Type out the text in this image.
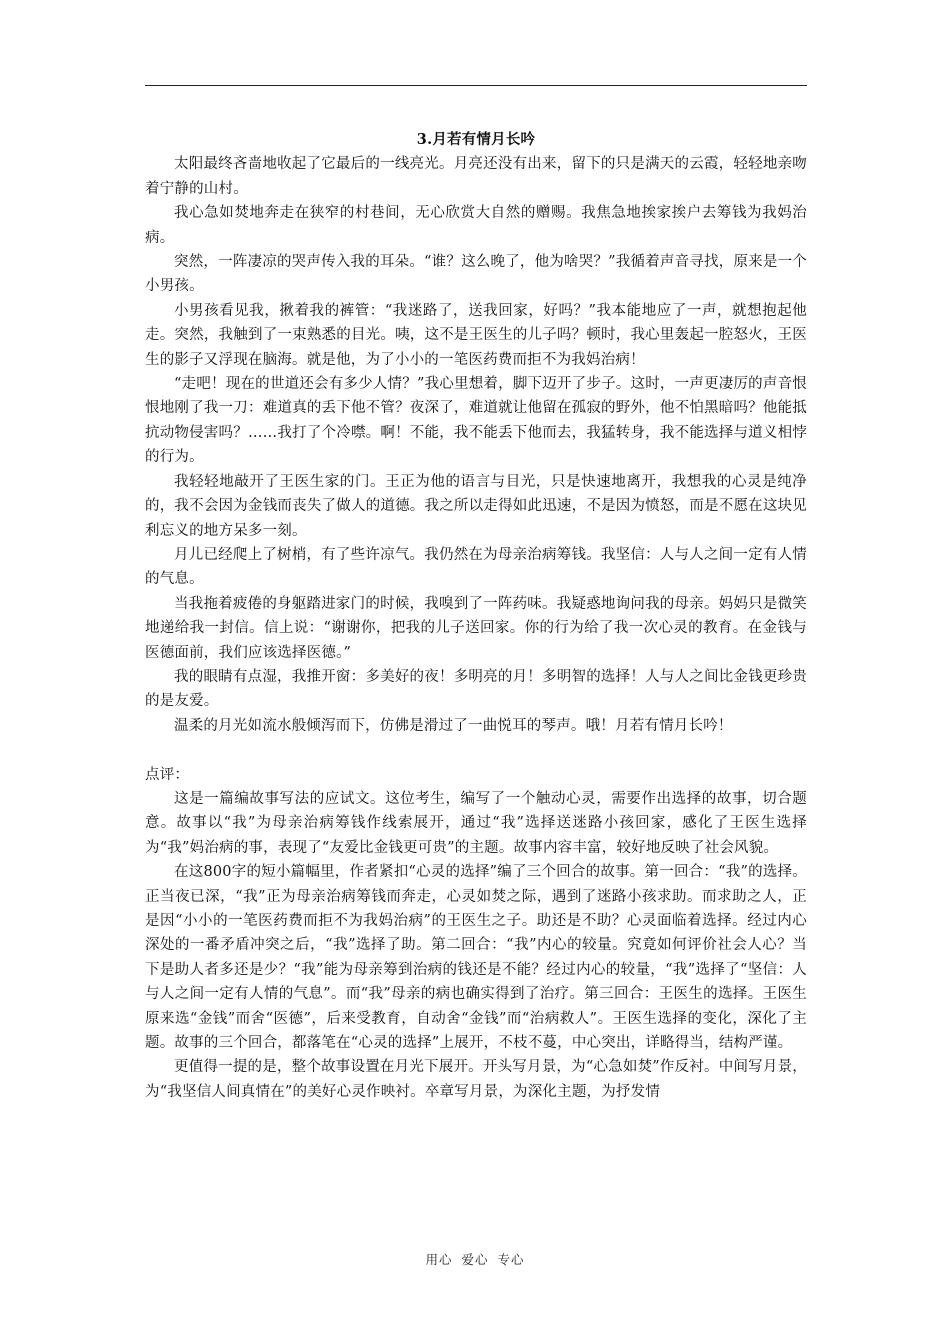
3.月若有情月长吟

太阳最终吝啬地收起了它最后的一线亮光。月亮还没有出来，留下的只是满天的云霞，轻轻地亲吻着宁静的山村。

我心急如焚地奔走在狭窄的村巷间，无心欣赏大自然的赠赐。我焦急地挨家挨户去筹钱为我妈治病。

突然，一阵凄凉的哭声传入我的耳朵。“谁？这么晚了，他为啥哭？”我循着声音寻找，原来是一个小男孩。

小男孩看见我，揪着我的裤管：“我迷路了，送我回家，好吗？”我本能地应了一声，就想抱起他走。突然，我触到了一束熟悉的目光。咦，这不是王医生的儿子吗？顿时，我心里轰起一腔怒火，王医生的影子又浮现在脑海。就是他，为了小小的一笔医药费而拒不为我妈治病！

“走吧！现在的世道还会有多少人情？”我心里想着，脚下迈开了步子。这时，一声更凄厉的声音恨恨地刚了我一刀：难道真的丢下他不管？夜深了，难道就让他留在孤寂的野外，他不怕黑暗吗？他能抵抗动物侵害吗？……我打了个冷噤。啊！不能，我不能丢下他而去，我猛转身，我不能选择与道义相悖的行为。

我轻轻地敲开了王医生家的门。王正为他的语言与目光，只是快速地离开，我想我的心灵是纯净的，我不会因为金钱而丧失了做人的道德。我之所以走得如此迅速，不是因为愤怒，而是不愿在这块见利忘义的地方呆多一刻。

月儿已经爬上了树梢，有了些许凉气。我仍然在为母亲治病筹钱。我坚信：人与人之间一定有人情的气息。

当我拖着疲倦的身躯踏进家门的时候，我嗅到了一阵药味。我疑惑地询问我的母亲。妈妈只是微笑地递给我一封信。信上说：“谢谢你，把我的儿子送回家。你的行为给了我一次心灵的教育。在金钱与医德面前，我们应该选择医德。”

我的眼睛有点湿，我推开窗：多美好的夜！多明亮的月！多明智的选择！人与人之间比金钱更珍贵的是友爱。

温柔的月光如流水般倾泻而下，仿佛是滑过了一曲悦耳的琴声。哦！月若有情月长吟！

点评：

这是一篇编故事写法的应试文。这位考生，编写了一个触动心灵，需要作出选择的故事，切合题意。故事以“我”为母亲治病筹钱作线索展开，通过“我”选择送迷路小孩回家，感化了王医生选择为“我”妈治病的事，表现了“友爱比金钱更可贵”的主题。故事内容丰富，较好地反映了社会风貌。

在这800字的短小篇幅里，作者紧扣“心灵的选择”编了三个回合的故事。第一回合：“我”的选择。正当夜已深，“我”正为母亲治病筹钱而奔走，心灵如焚之际，遇到了迷路小孩求助。而求助之人，正是因“小小的一笔医药费而拒不为我妈治病”的王医生之子。助还是不助？心灵面临着选择。经过内心深处的一番矛盾冲突之后，“我”选择了助。第二回合：“我”内心的较量。究竟如何评价社会人心？当下是助人者多还是少？“我”能为母亲筹到治病的钱还是不能？经过内心的较量，“我”选择了“坚信：人与人之间一定有人情的气息”。而“我”母亲的病也确实得到了治疗。第三回合：王医生的选择。王医生原来选“金钱”而舍“医德”，后来受教育，自动舍“金钱”而“治病救人”。王医生选择的变化，深化了主题。故事的三个回合，都落笔在“心灵的选择”上展开，不枝不蔓，中心突出，详略得当，结构严谨。

更值得一提的是，整个故事设置在月光下展开。开头写月景，为“心急如焚”作反衬。中间写月景，为“我坚信人间真情在”的美好心灵作映衬。卒章写月景，为深化主题，为抒发情

用心 爱心 专心
